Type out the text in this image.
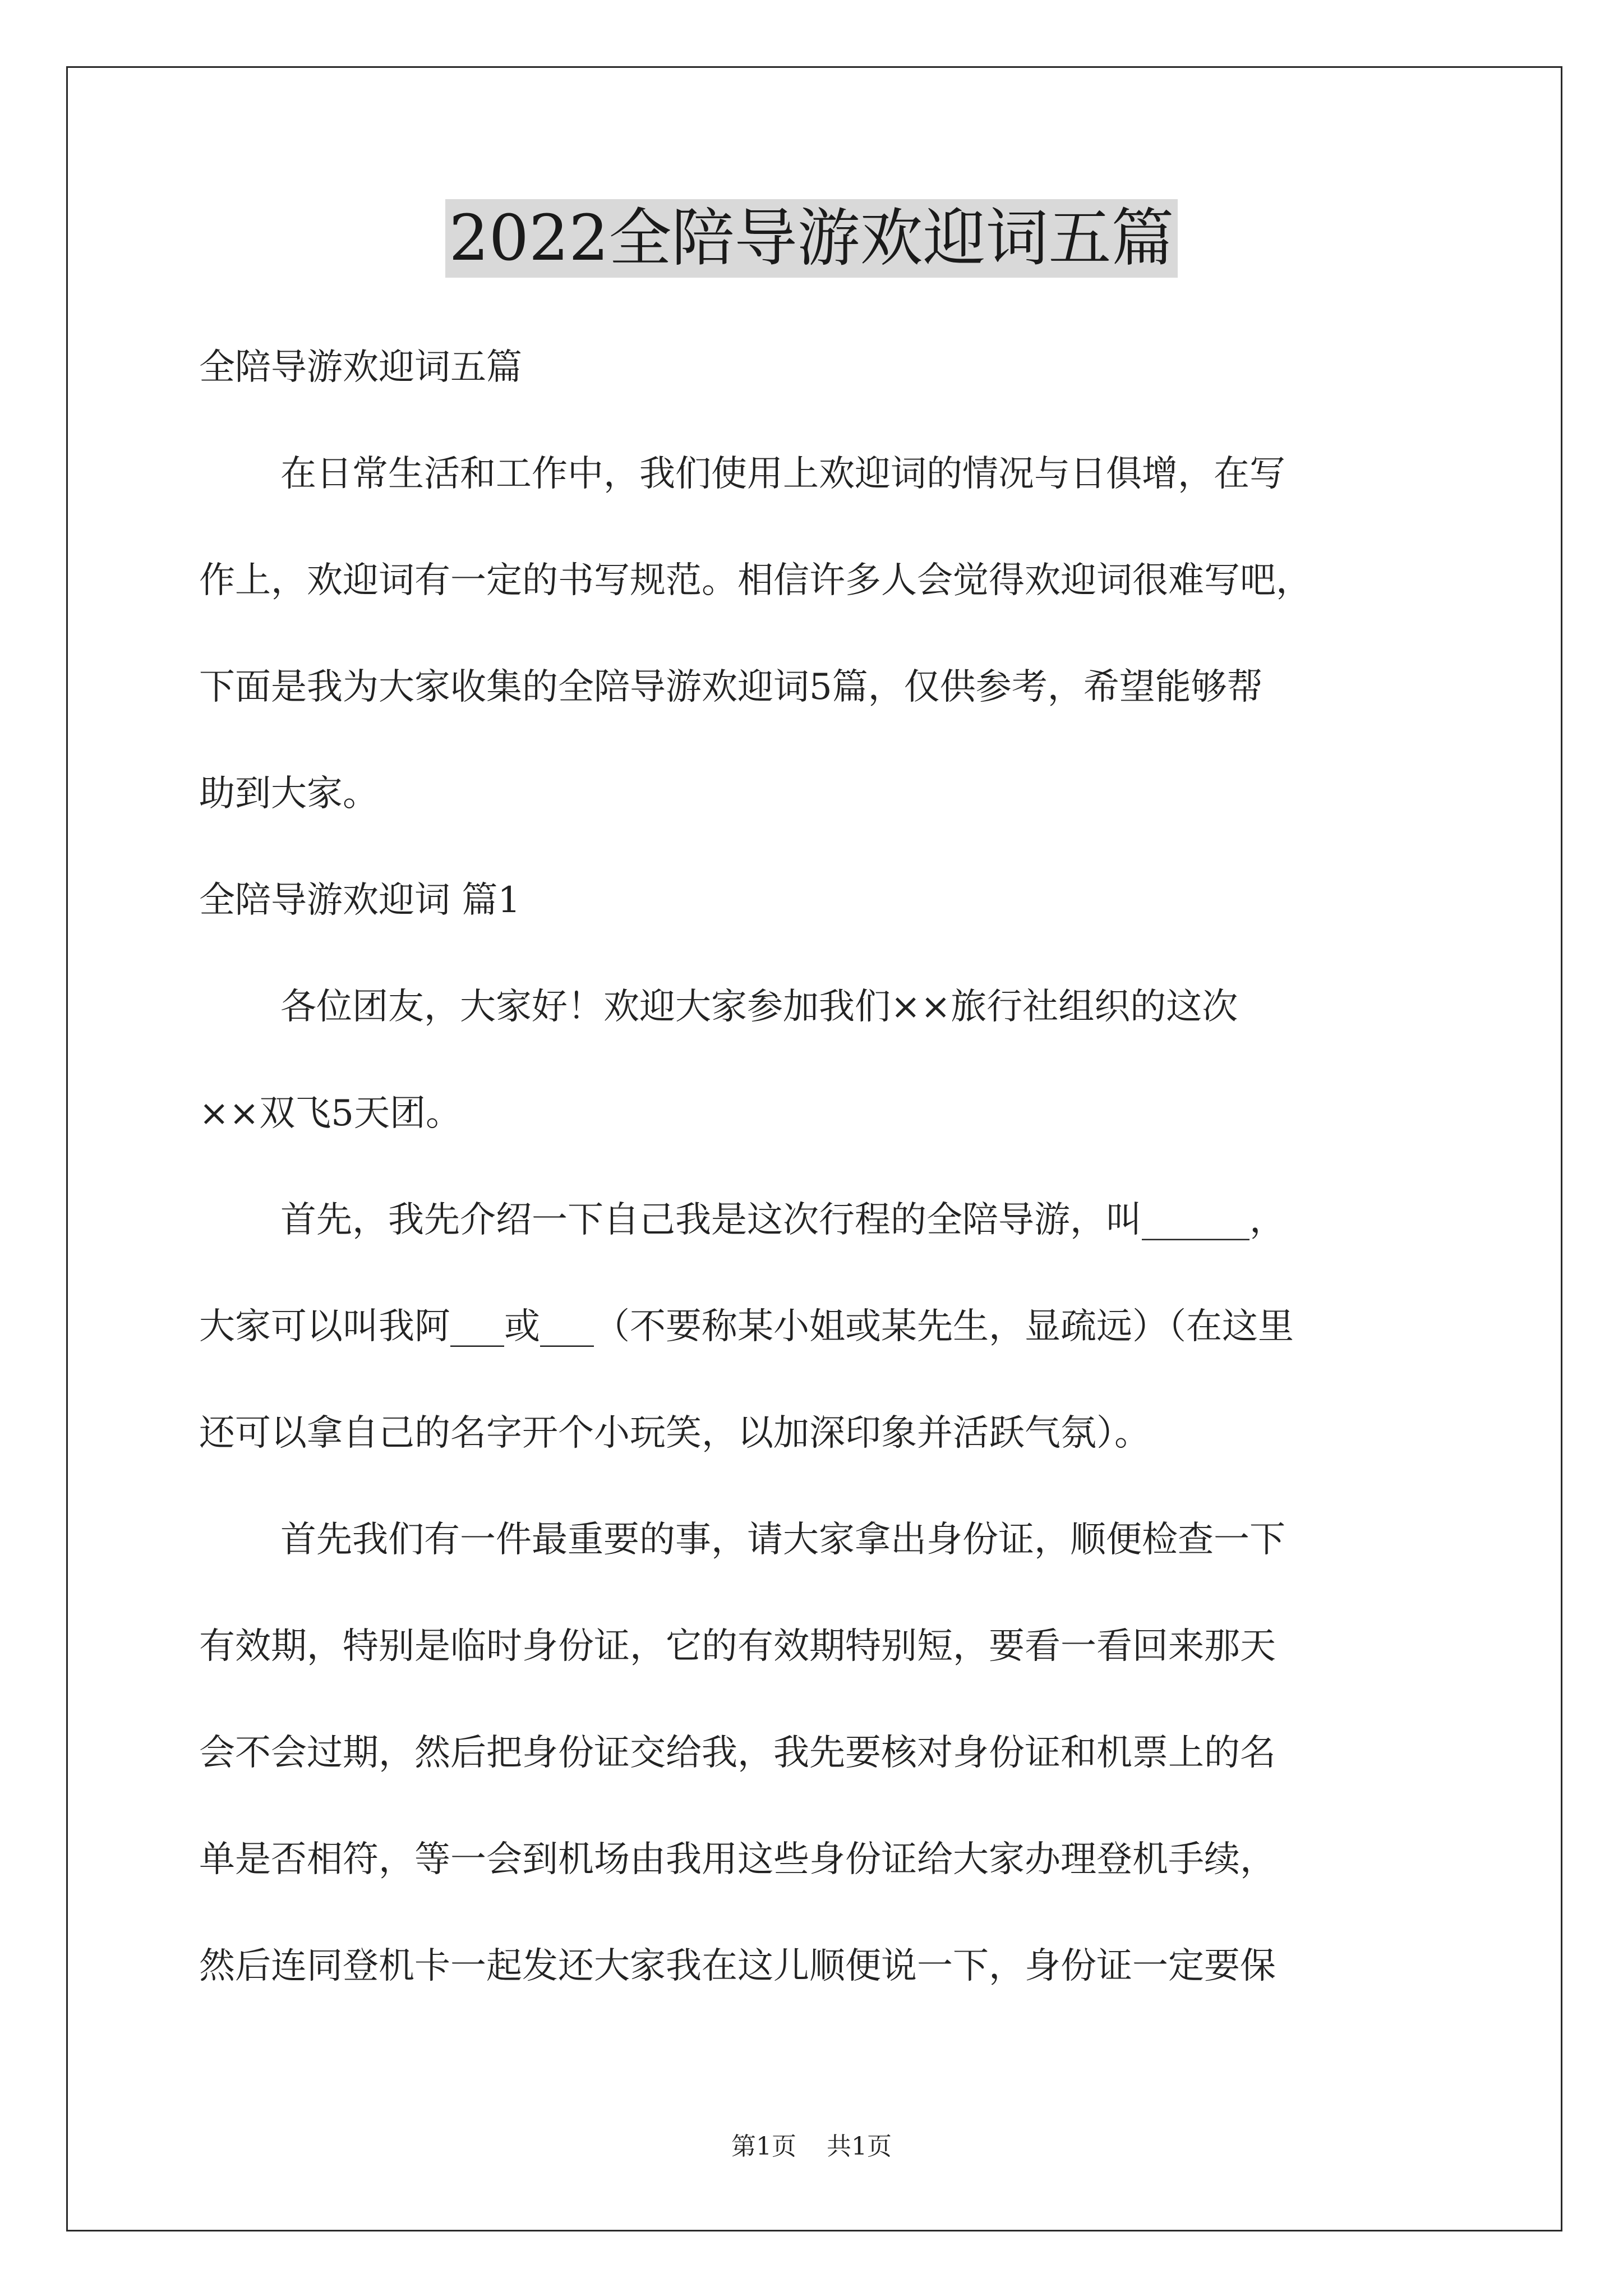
2022全陪导游欢迎词五篇
全陪导游欢迎词五篇
在日常生活和工作中，我们使用上欢迎词的情况与日俱增，在写
作上，欢迎词有一定的书写规范。相信许多人会觉得欢迎词很难写吧，
下面是我为大家收集的全陪导游欢迎词5篇，仅供参考，希望能够帮
助到大家。
全陪导游欢迎词 篇1
各位团友，大家好！欢迎大家参加我们××旅行社组织的这次
××双飞5天团。
首先，我先介绍一下自己我是这次行程的全陪导游，叫______，
大家可以叫我阿___或___（不要称某小姐或某先生，显疏远）（在这里
还可以拿自己的名字开个小玩笑，以加深印象并活跃气氛）。
首先我们有一件最重要的事，请大家拿出身份证，顺便检查一下
有效期，特别是临时身份证，它的有效期特别短，要看一看回来那天
会不会过期，然后把身份证交给我，我先要核对身份证和机票上的名
单是否相符，等一会到机场由我用这些身份证给大家办理登机手续，
然后连同登机卡一起发还大家我在这儿顺便说一下，身份证一定要保
第1页 共1页
